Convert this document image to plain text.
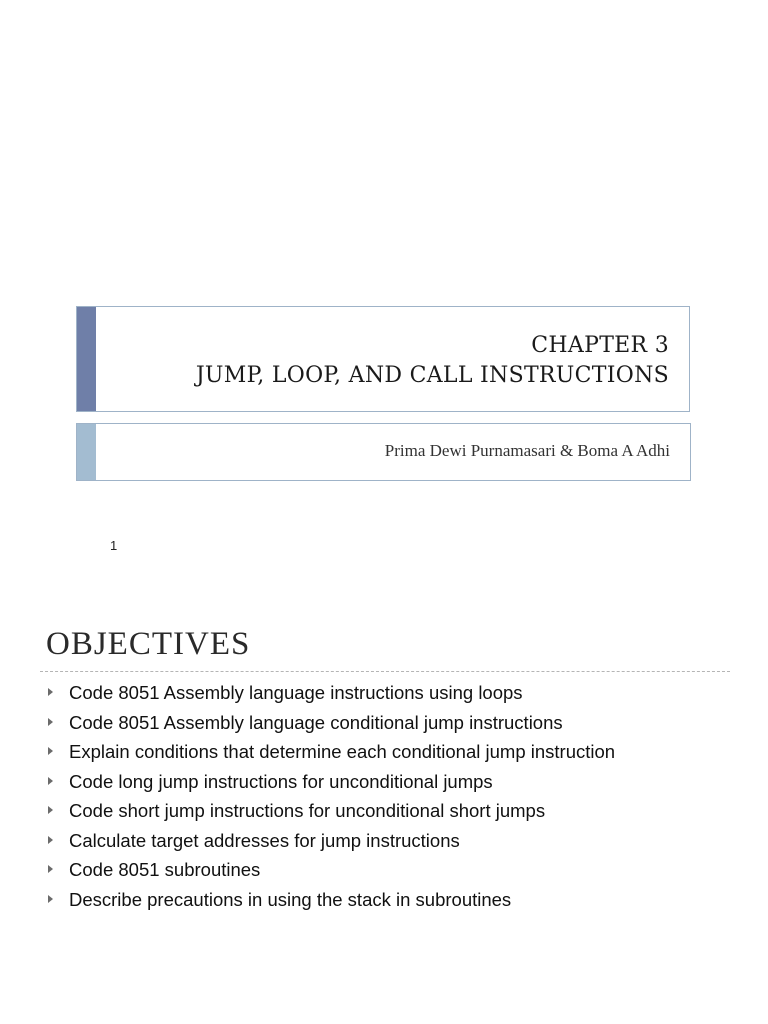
CHAPTER 3
JUMP, LOOP, AND CALL INSTRUCTIONS
Prima Dewi Purnamasari & Boma A Adhi
1
OBJECTIVES
Code 8051 Assembly language instructions using loops
Code 8051 Assembly language conditional jump instructions
Explain conditions that determine each conditional jump instruction
Code long jump instructions for unconditional jumps
Code short jump instructions for unconditional short jumps
Calculate target addresses for jump instructions
Code 8051 subroutines
Describe precautions in using the stack in subroutines
